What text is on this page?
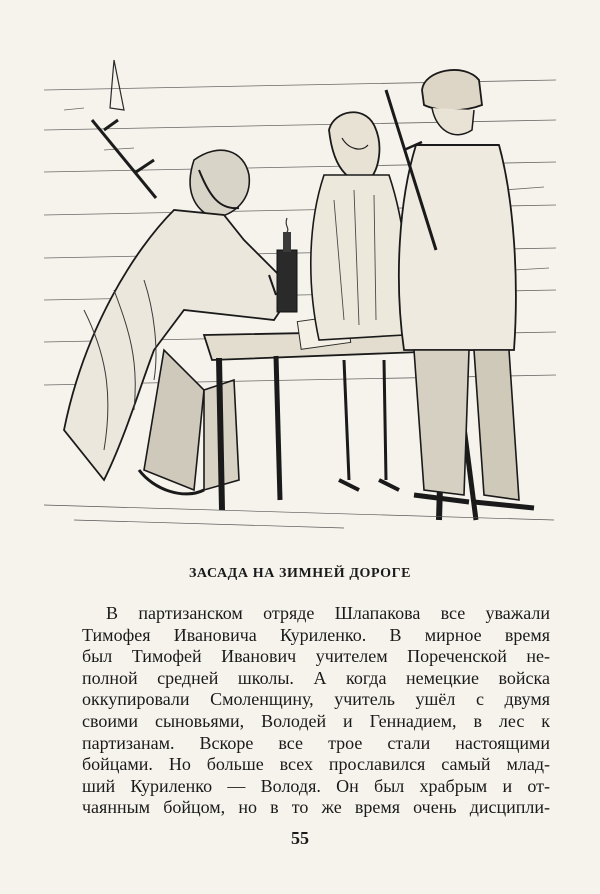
ЗАСАДА НА ЗИМНЕЙ ДОРОГЕ
В партизанском отряде Шлапакова все уважали
Тимофея Ивановича Куриленко. В мирное время
был Тимофей Иванович учителем Пореченской не-
полной средней школы. А когда немецкие войска
оккупировали Смоленщину, учитель ушёл с двумя
своими сыновьями, Володей и Геннадием, в лес к
партизанам. Вскоре все трое стали настоящими
бойцами. Но больше всех прославился самый млад-
ший Куриленко — Володя. Он был храбрым и от-
чаянным бойцом, но в то же время очень дисципли-
55
